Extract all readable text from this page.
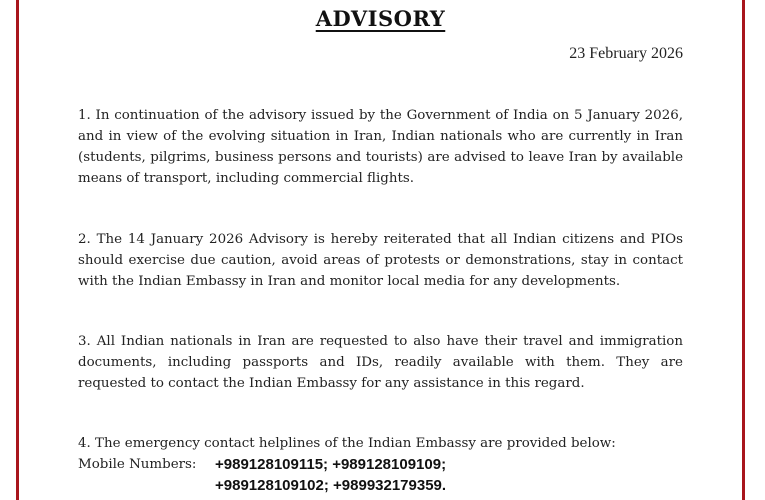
ADVISORY
23 February 2026
1. In continuation of the advisory issued by the Government of India on 5 January 2026, and in view of the evolving situation in Iran, Indian nationals who are currently in Iran (students, pilgrims, business persons and tourists) are advised to leave Iran by available means of transport, including commercial flights.
2. The 14 January 2026 Advisory is hereby reiterated that all Indian citizens and PIOs should exercise due caution, avoid areas of protests or demonstrations, stay in contact with the Indian Embassy in Iran and monitor local media for any developments.
3. All Indian nationals in Iran are requested to also have their travel and immigration documents, including passports and IDs, readily available with them. They are requested to contact the Indian Embassy for any assistance in this regard.
4. The emergency contact helplines of the Indian Embassy are provided below:
Mobile Numbers: +989128109115; +989128109109;
+989128109102; +989932179359.
